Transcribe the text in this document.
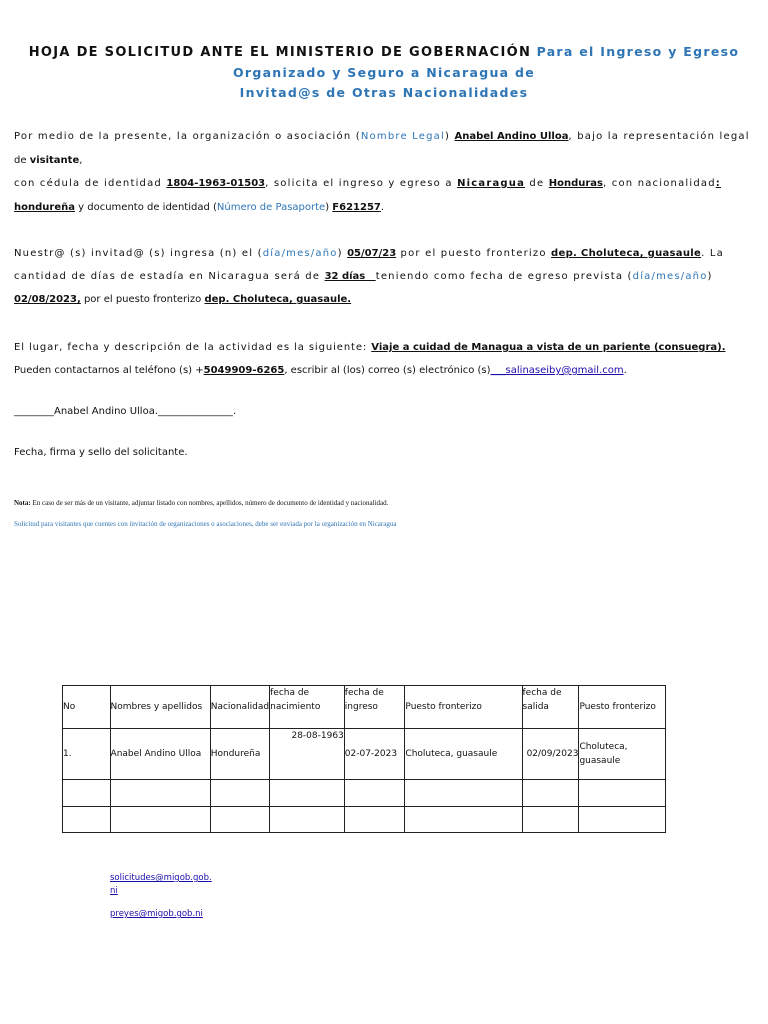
HOJA DE SOLICITUD ANTE EL MINISTERIO DE GOBERNACIÓN Para el Ingreso y Egreso
Organizado y Seguro a Nicaragua de
Invitad@s de Otras Nacionalidades
Por medio de la presente, la organización o asociación (Nombre Legal) Anabel Andino Ulloa, bajo la representación legal
de visitante,
con cédula de identidad 1804-1963-01503, solicita el ingreso y egreso a Nicaragua de Honduras, con nacionalidad:
hondureña y documento de identidad (Número de Pasaporte) F621257.
Nuestr@ (s) invitad@ (s) ingresa (n) el (día/mes/año) 05/07/23 por el puesto fronterizo dep. Choluteca, guasaule. La
cantidad de días de estadía en Nicaragua será de 32 días   teniendo como fecha de egreso prevista (día/mes/año)
02/08/2023, por el puesto fronterizo dep. Choluteca, guasaule.
El lugar, fecha y descripción de la actividad es la siguiente: Viaje a cuidad de Managua a vista de un pariente (consuegra).
Pueden contactarnos al teléfono (s) +5049909-6265, escribir al (los) correo (s) electrónico (s)___salinaseiby@gmail.com.
________Anabel Andino Ulloa._______________.
Fecha, firma y sello del solicitante.
Nota: En caso de ser más de un visitante, adjuntar listado con nombres, apellidos, número de documento de identidad y nacionalidad.
Solicitud para visitantes que cuentes con invitación de organizaciones o asociaciones, debe ser enviada por la organización en Nicaragua
No	Nombres y apellidos	Nacionalidad	fecha de nacimiento	fecha de ingreso	Puesto fronterizo	fecha de salida	Puesto fronterizo
1.	Anabel Andino Ulloa	Hondureña	28-08-1963	02-07-2023	Choluteca, guasaule	02/09/2023	Choluteca, guasaule

solicitudes@migob.gob.
ni
preyes@migob.gob.ni
